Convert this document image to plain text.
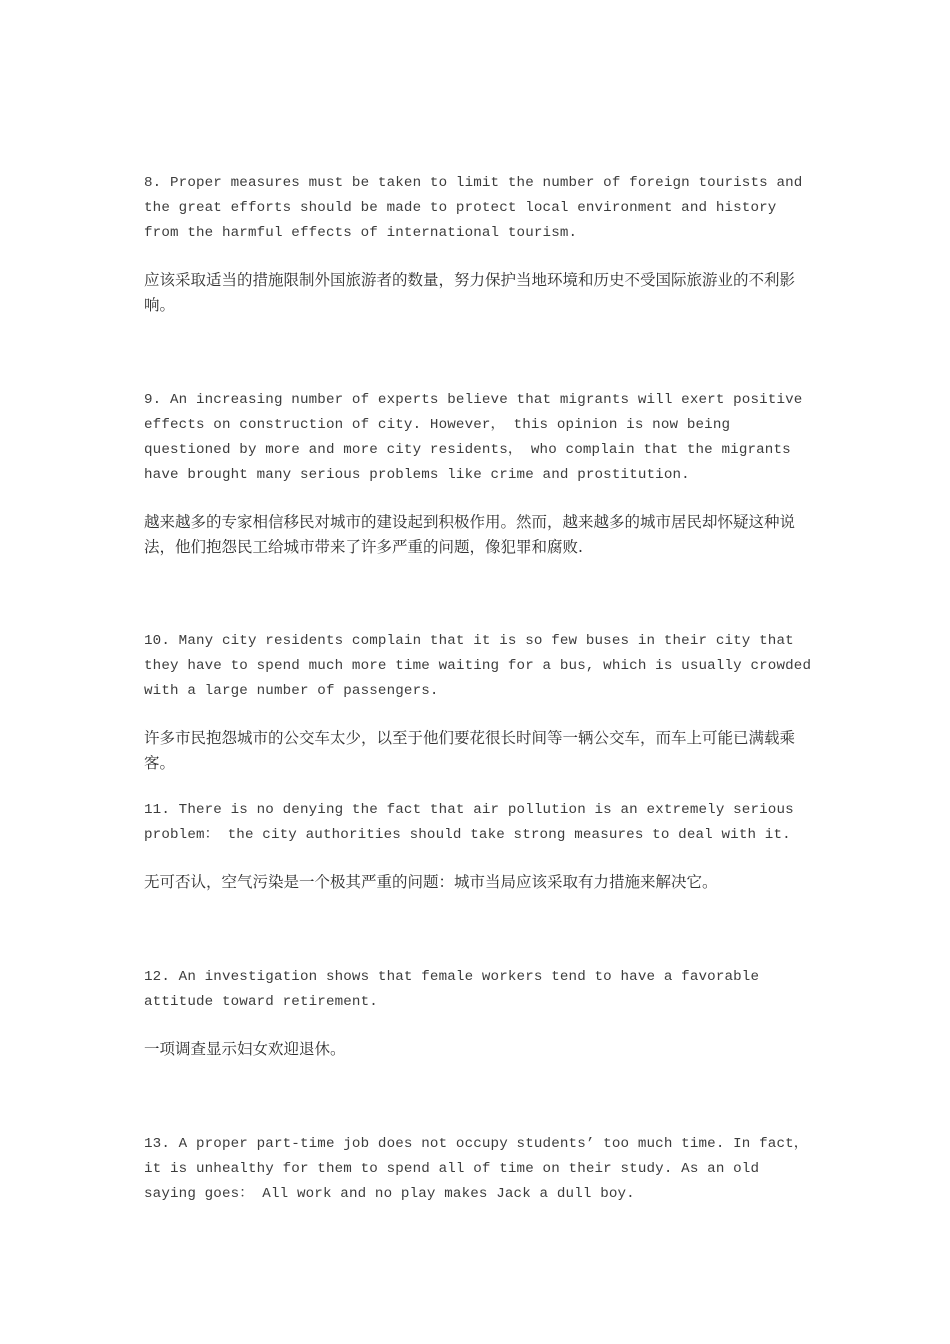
8. Proper measures must be taken to limit the number of foreign tourists and the great efforts should be made to protect local environment and history from the harmful effects of international tourism.

应该采取适当的措施限制外国旅游者的数量，努力保护当地环境和历史不受国际旅游业的不利影响。

9. An increasing number of experts believe that migrants will exert positive effects on construction of city. However， this opinion is now being questioned by more and more city residents， who complain that the migrants have brought many serious problems like crime and prostitution.

越来越多的专家相信移民对城市的建设起到积极作用。然而，越来越多的城市居民却怀疑这种说法，他们抱怨民工给城市带来了许多严重的问题，像犯罪和腐败.

10. Many city residents complain that it is so few buses in their city that they have to spend much more time waiting for a bus, which is usually crowded with a large number of passengers.

许多市民抱怨城市的公交车太少，以至于他们要花很长时间等一辆公交车，而车上可能已满载乘客。

11. There is no denying the fact that air pollution is an extremely serious problem： the city authorities should take strong measures to deal with it.

无可否认，空气污染是一个极其严重的问题：城市当局应该采取有力措施来解决它。

12. An investigation shows that female workers tend to have a favorable attitude toward retirement.

一项调查显示妇女欢迎退休。

13. A proper part-time job does not occupy students’ too much time. In fact， it is unhealthy for them to spend all of time on their study. As an old saying goes： All work and no play makes Jack a dull boy.
